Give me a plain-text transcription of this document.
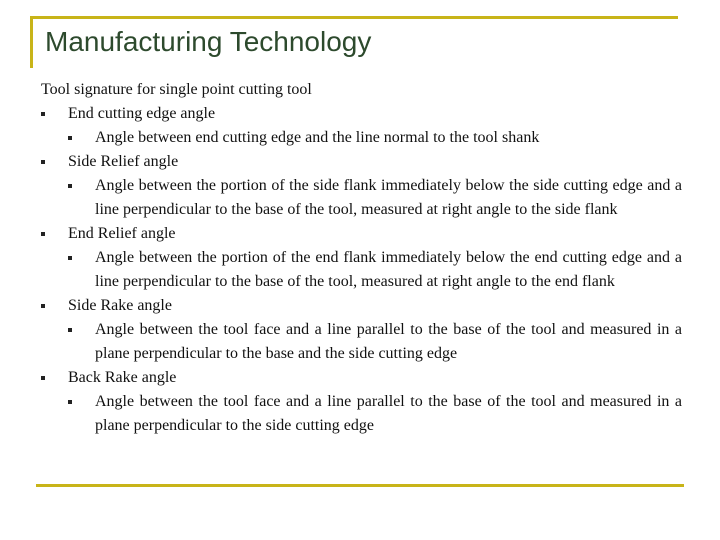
Manufacturing Technology
Tool signature for single point cutting tool
End cutting edge angle
Angle between end cutting edge and the line normal to the tool shank
Side Relief angle
Angle between the portion of the side flank immediately below the side cutting edge and a line perpendicular to the base of the tool, measured at right angle to the side flank
End Relief angle
Angle between the portion of the end flank immediately below the end cutting edge and a line perpendicular to the base of the tool, measured at right angle to the end flank
Side Rake angle
Angle between the tool face and a line parallel to the base of the tool and measured in a plane perpendicular to the base and the side cutting edge
Back Rake angle
Angle between the tool face and a line parallel to the base of the tool and measured in a plane perpendicular to the side cutting edge
